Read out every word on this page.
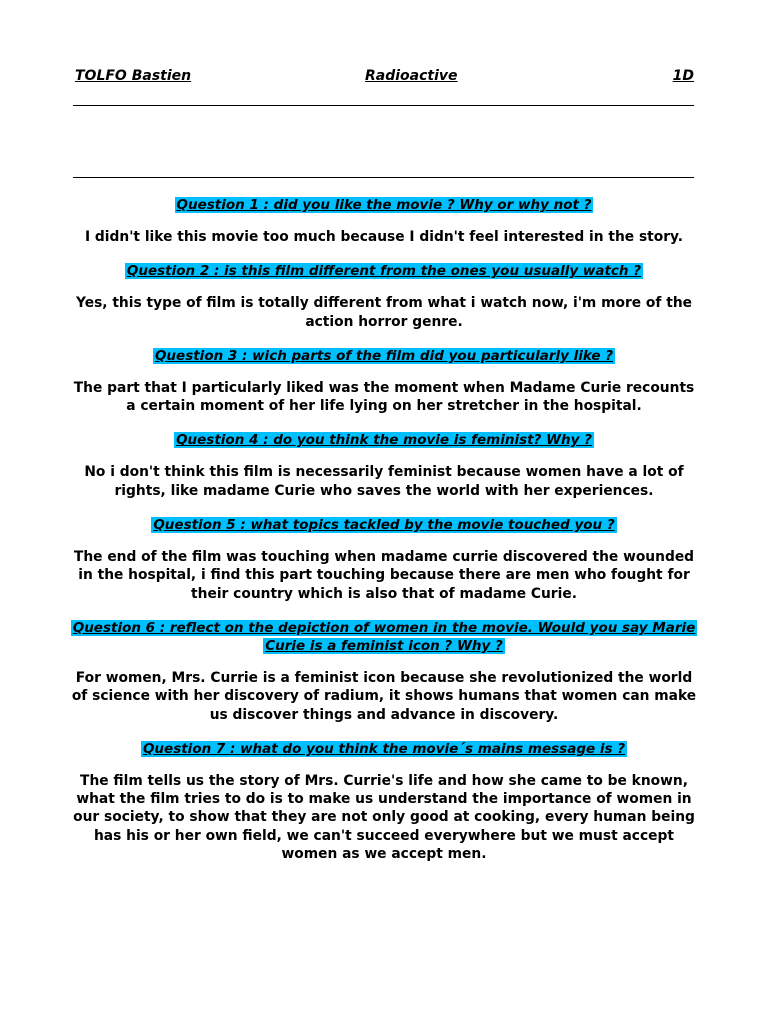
TOLFO Bastien	Radioactive	1D

Question 1 : did you like the movie ? Why or why not ?

I didn't like this movie too much because I didn't feel interested in the story.

Question 2 : is this film different from the ones you usually watch ?

Yes, this type of film is totally different from what i watch now, i'm more of the action horror genre.

Question 3 : wich parts of the film did you particularly like ?

The part that I particularly liked was the moment when Madame Curie recounts a certain moment of her life lying on her stretcher in the hospital.

Question 4 : do you think the movie is feminist? Why ?

No i don't think this film is necessarily feminist because women have a lot of rights, like madame Curie who saves the world with her experiences.

Question 5 : what topics tackled by the movie touched you ?

The end of the film was touching when madame currie discovered the wounded in the hospital, i find this part touching because there are men who fought for their country which is also that of madame Curie.

Question 6 : reflect on the depiction of women in the movie. Would you say Marie Curie is a feminist icon ? Why ?

For women, Mrs. Currie is a feminist icon because she revolutionized the world of science with her discovery of radium, it shows humans that women can make us discover things and advance in discovery.

Question 7 : what do you think the movie´s mains message is ?

The film tells us the story of Mrs. Currie's life and how she came to be known, what the film tries to do is to make us understand the importance of women in our society, to show that they are not only good at cooking, every human being has his or her own field, we can't succeed everywhere but we must accept women as we accept men.
